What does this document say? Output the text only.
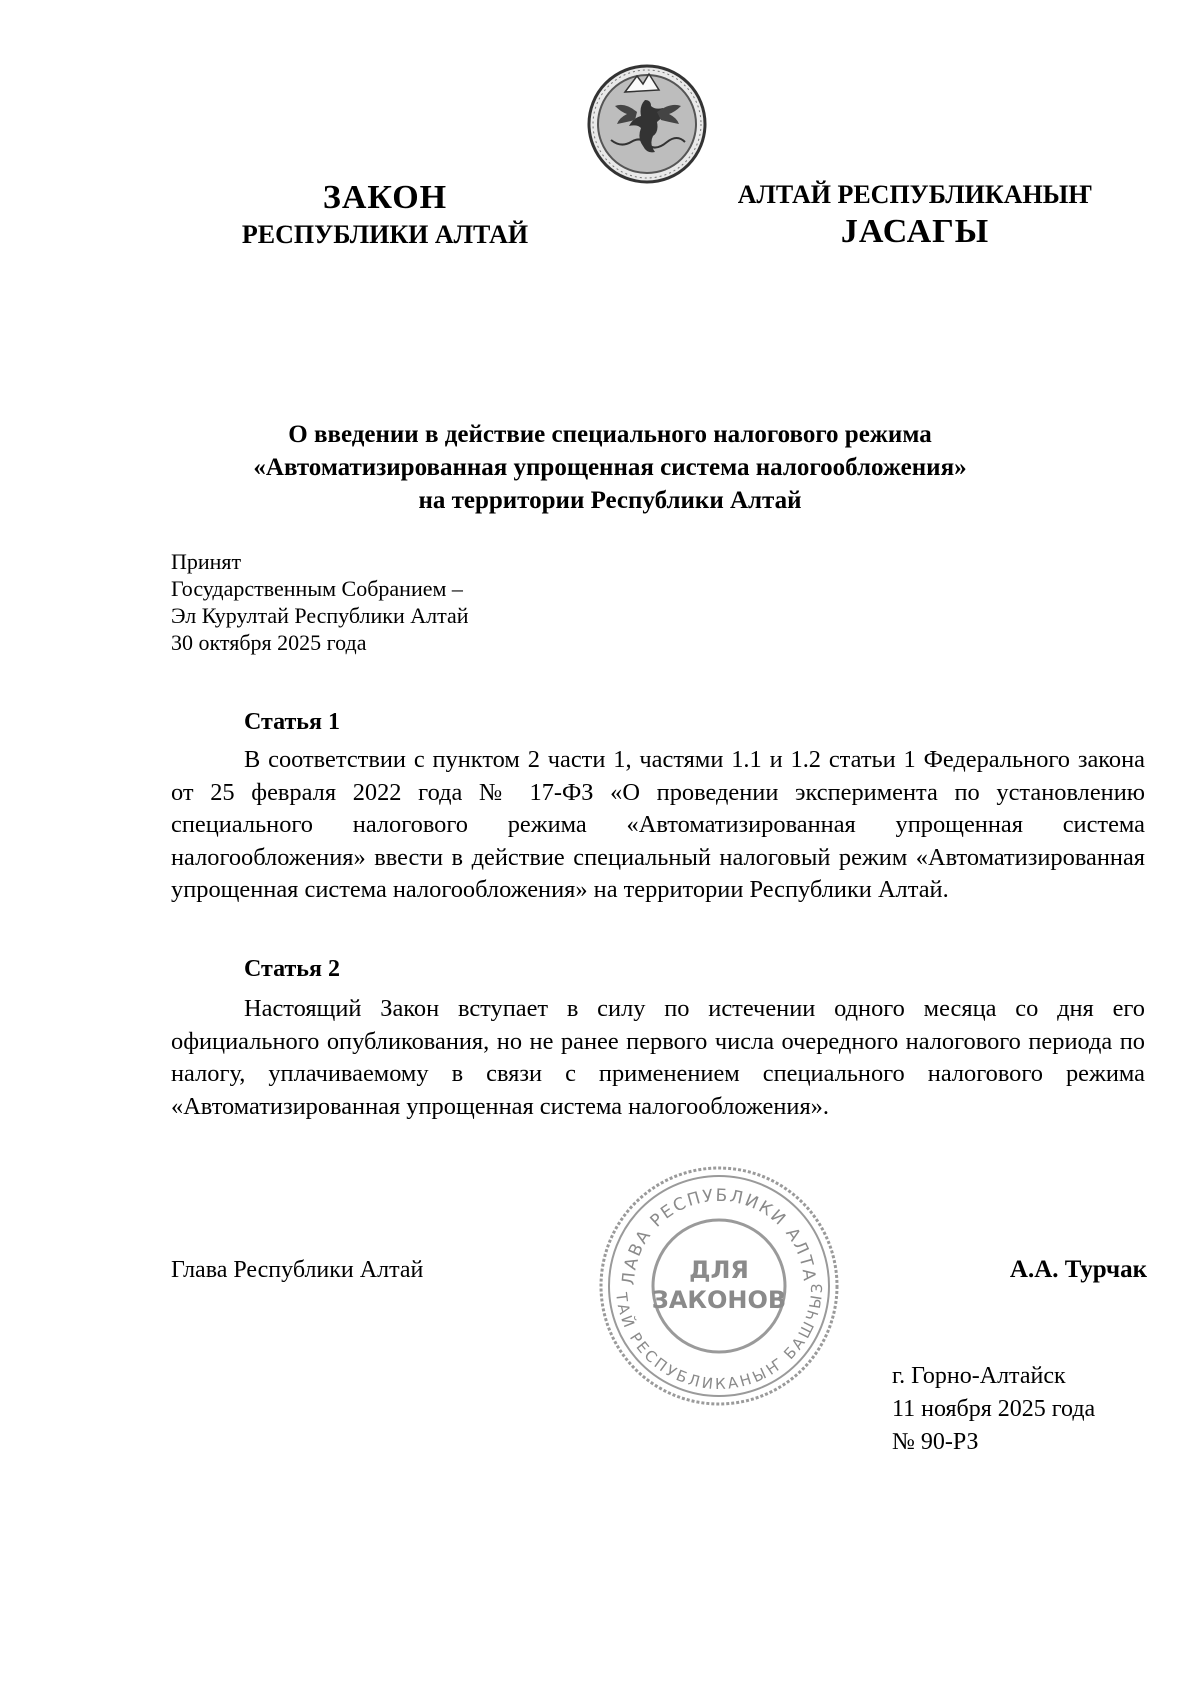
ЗАКОН
РЕСПУБЛИКИ АЛТАЙ
АЛТАЙ РЕСПУБЛИКАНЫҤ
ЈАСАГЫ
О введении в действие специального налогового режима
«Автоматизированная упрощенная система налогообложения»
на территории Республики Алтай
Принят
Государственным Собранием –
Эл Курултай Республики Алтай
30 октября 2025 года
Статья 1
В соответствии с пунктом 2 части 1, частями 1.1 и 1.2 статьи 1 Федерального закона от 25 февраля 2022 года № 17-ФЗ «О проведении эксперимента по установлению специального налогового режима «Автоматизированная упрощенная система налогообложения» ввести в действие специальный налоговый режим «Автоматизированная упрощенная система налогообложения» на территории Республики Алтай.
Статья 2
Настоящий Закон вступает в силу по истечении одного месяца со дня его официального опубликования, но не ранее первого числа очередного налогового периода по налогу, уплачиваемому в связи с применением специального налогового режима «Автоматизированная упрощенная система налогообложения».
Глава Республики Алтай	А.А. Турчак
ЛАВА РЕСПУБЛИКИ АЛТА
ТАЙ РЕСПУБЛИКАНЫҤ БАШЧЫЗ
ДЛЯ
ЗАКОНОВ
г. Горно-Алтайск
11 ноября 2025 года
№ 90-РЗ
